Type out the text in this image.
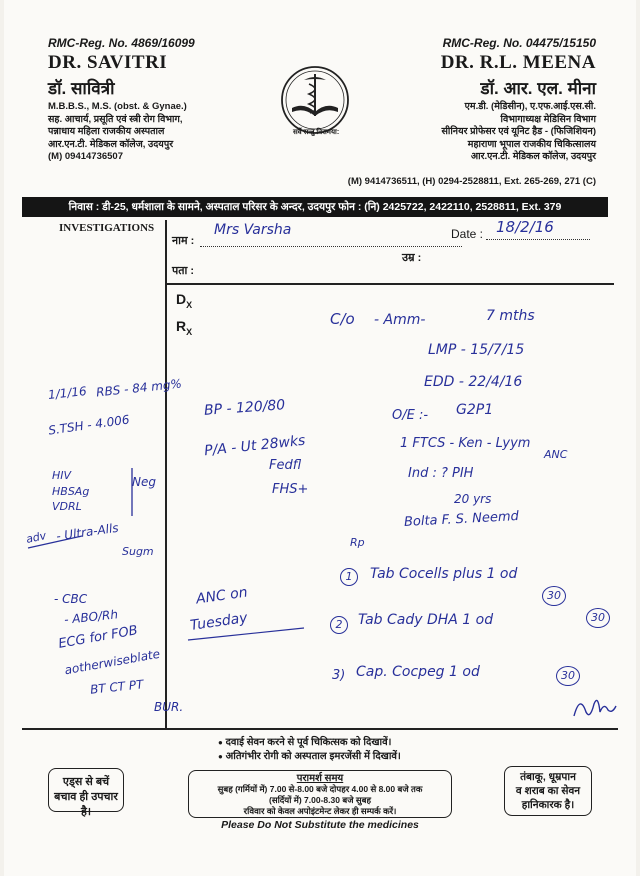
RMC-Reg. No. 4869/16099
DR. SAVITRI
डॉ. सावित्री
M.B.B.S., M.S. (obst. & Gynae.)
सह. आचार्य, प्रसूति एवं स्त्री रोग विभाग,
पन्नाधाय महिला राजकीय अस्पताल
आर.एन.टी. मेडिकल कॉलेज, उदयपुर
(M) 09414736507
सर्वे सन्तु निरामया:
RMC-Reg. No. 04475/15150
DR. R.L. MEENA
डॉ. आर. एल. मीना
एम.डी. (मेडिसीन), ए.एफ.आई.एस.सी.
विभागाध्यक्ष मेडिसिन विभाग
सीनियर प्रोफेसर एवं यूनिट हैड - (फिजिशियन)
महाराणा भूपाल राजकीय चिकित्सालय
आर.एन.टी. मेडिकल कॉलेज, उदयपुर
(M) 9414736511, (H) 0294-2528811, Ext. 265-269, 271 (C)
निवास : डी-25, धर्मशाला के सामने, अस्पताल परिसर के अन्दर, उदयपुर फोन : (नि) 2425722, 2422110, 2528811, Ext. 379
INVESTIGATIONS
नाम :
Mrs Varsha	Date : 18/2/16
उम्र :
पता :
$D_X$
$R_X$
1/1/16 RBS - 84 mg%
S.TSH - 4.006
HIV
HBSAg
VDRL
Neg
adv - Ultra-Alls
Sugm
- CBC
- ABO/Rh
ECG for FOB
aotherwiseblate
BT CT PT
BUR.
BP - 120/80
P/A - Ut 28wks
Fedfl
FHS+
ANC on
Tuesday
C/o - Amm-	7 mths
LMP - 15/7/15
EDD - 22/4/16
O/E :- G2P1
1 FTCS - Ken - Lyym
ANC
Ind : ? PIH
20 yrs
Bolta F. S. Neemd
Rp
1	Tab Cocells plus 1 od
30
2	Tab Cady DHA 1 od	30
3) Cap. Cocpeg 1 od	30
● दवाई सेवन करने से पूर्व चिकित्सक को दिखावें।
● अतिगंभीर रोगी को अस्पताल इमरजेंसी में दिखावें।
एड्स से बचें
बचाव ही उपचार है।
परामर्श समय
सुबह (गर्मियों में) 7.00 से-8.00 बजे दोपहर 4.00 से 8.00 बजे तक
(सर्दियों में) 7.00-8.30 बजे सुबह
रविवार को केवल अपोइंटमेन्ट लेकर ही सम्पर्क करें।
तंबाकू, धूम्रपान
व शराब का सेवन
हानिकारक है।
Please Do Not Substitute the medicines
